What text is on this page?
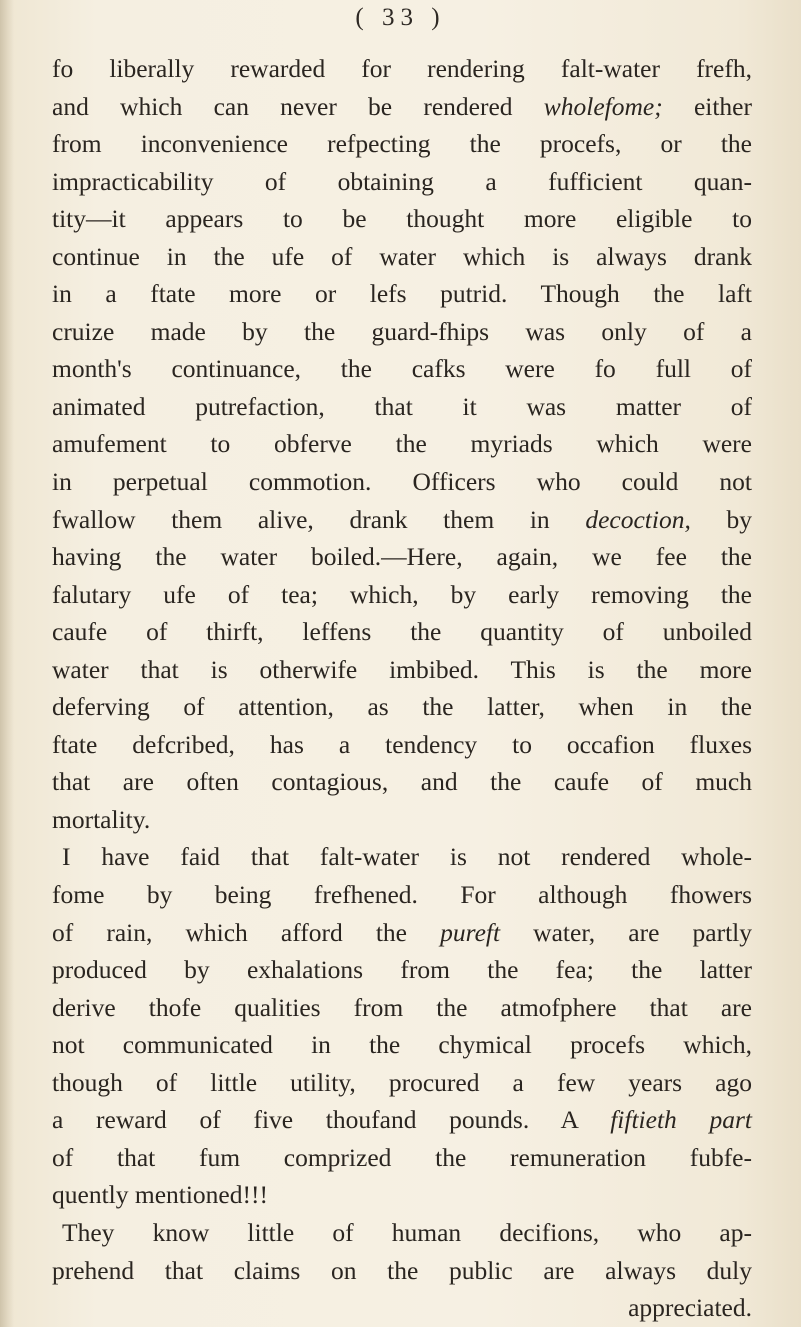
( 33 )
fo liberally rewarded for rendering falt-water frefh,
and which can never be rendered wholefome; either
from inconvenience refpecting the procefs, or the
impracticability of obtaining a fufficient quan-
tity—it appears to be thought more eligible to
continue in the ufe of water which is always drank
in a ftate more or lefs putrid. Though the laft
cruize made by the guard-fhips was only of a
month's continuance, the cafks were fo full of
animated putrefaction, that it was matter of
amufement to obferve the myriads which were
in perpetual commotion. Officers who could not
fwallow them alive, drank them in decoction, by
having the water boiled.—Here, again, we fee the
falutary ufe of tea; which, by early removing the
caufe of thirft, leffens the quantity of unboiled
water that is otherwife imbibed. This is the more
deferving of attention, as the latter, when in the
ftate defcribed, has a tendency to occafion fluxes
that are often contagious, and the caufe of much
mortality.
I have faid that falt-water is not rendered whole-
fome by being frefhened. For although fhowers
of rain, which afford the pureft water, are partly
produced by exhalations from the fea; the latter
derive thofe qualities from the atmofphere that are
not communicated in the chymical procefs which,
though of little utility, procured a few years ago
a reward of five thoufand pounds. A fiftieth part
of that fum comprized the remuneration fubfe-
quently mentioned!!!
They know little of human decifions, who ap-
prehend that claims on the public are always duly
appreciated.
